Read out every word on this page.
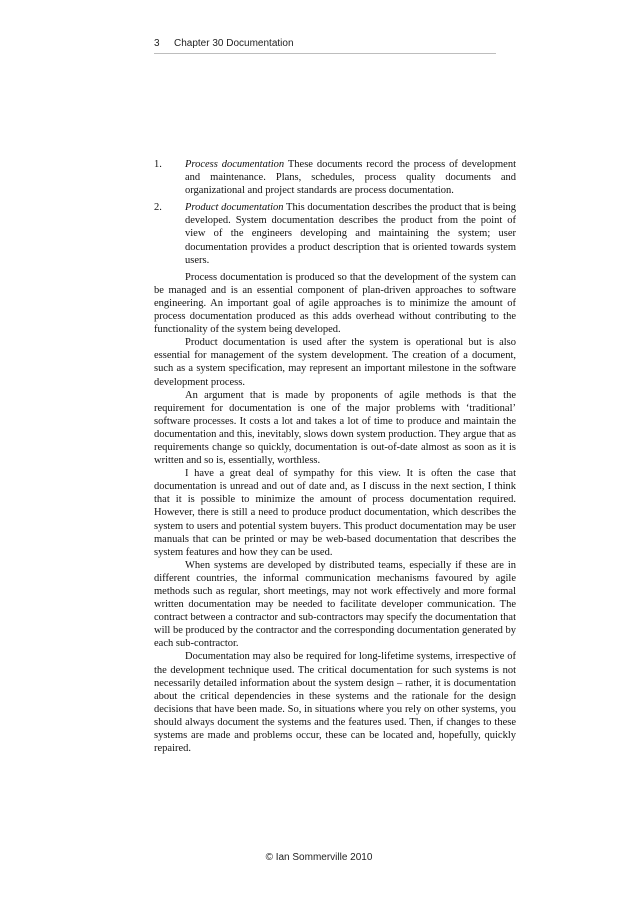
3 Chapter 30 Documentation
1.	Process documentation These documents record the process of development and maintenance. Plans, schedules, process quality documents and organizational and project standards are process documentation.
2.	Product documentation This documentation describes the product that is being developed. System documentation describes the product from the point of view of the engineers developing and maintaining the system; user documentation provides a product description that is oriented towards system users.

Process documentation is produced so that the development of the system can be managed and is an essential component of plan-driven approaches to software engineering. An important goal of agile approaches is to minimize the amount of process documentation produced as this adds overhead without contributing to the functionality of the system being developed.

Product documentation is used after the system is operational but is also essential for management of the system development. The creation of a document, such as a system specification, may represent an important milestone in the software development process.

An argument that is made by proponents of agile methods is that the requirement for documentation is one of the major problems with ‘traditional’ software processes. It costs a lot and takes a lot of time to produce and maintain the documentation and this, inevitably, slows down system production. They argue that as requirements change so quickly, documentation is out-of-date almost as soon as it is written and so is, essentially, worthless.

I have a great deal of sympathy for this view. It is often the case that documentation is unread and out of date and, as I discuss in the next section, I think that it is possible to minimize the amount of process documentation required. However, there is still a need to produce product documentation, which describes the system to users and potential system buyers. This product documentation may be user manuals that can be printed or may be web-based documentation that describes the system features and how they can be used.

When systems are developed by distributed teams, especially if these are in different countries, the informal communication mechanisms favoured by agile methods such as regular, short meetings, may not work effectively and more formal written documentation may be needed to facilitate developer communication. The contract between a contractor and sub-contractors may specify the documentation that will be produced by the contractor and the corresponding documentation generated by each sub-contractor.

Documentation may also be required for long-lifetime systems, irrespective of the development technique used. The critical documentation for such systems is not necessarily detailed information about the system design – rather, it is documentation about the critical dependencies in these systems and the rationale for the design decisions that have been made. So, in situations where you rely on other systems, you should always document the systems and the features used. Then, if changes to these systems are made and problems occur, these can be located and, hopefully, quickly repaired.

© Ian Sommerville 2010
